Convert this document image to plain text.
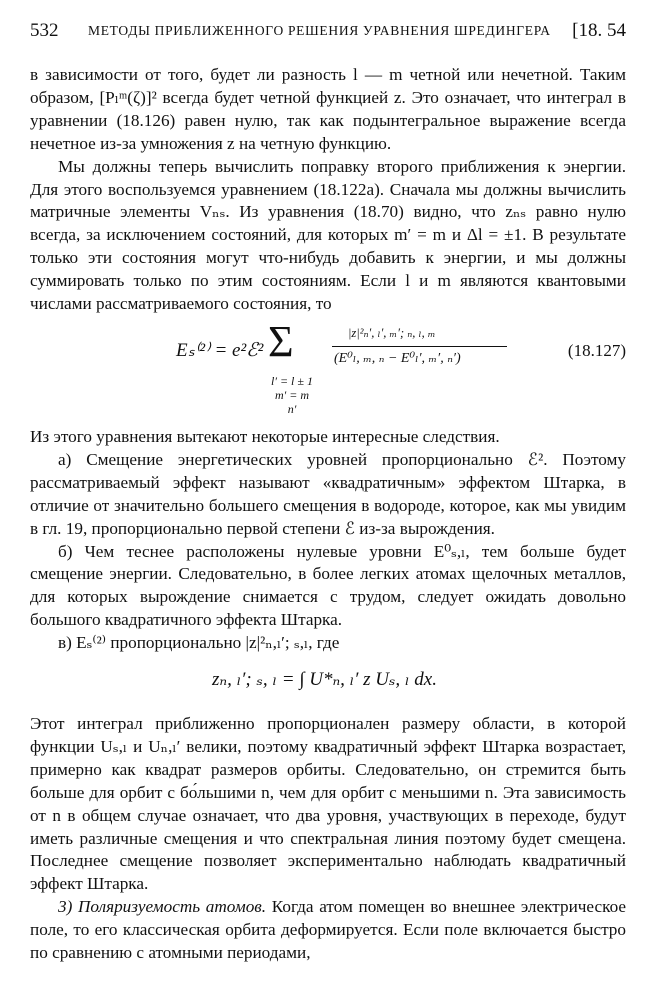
532 МЕТОДЫ ПРИБЛИЖЕННОГО РЕШЕНИЯ УРАВНЕНИЯ ШРЕДИНГЕРА [18. 54

в зависимости от того, будет ли разность l — m четной или нечетной. Таким образом, [Pₗᵐ(ζ)]² всегда будет четной функцией z. Это означает, что интеграл в уравнении (18.126) равен нулю, так как подынтегральное выражение всегда нечетное из-за умножения z на четную функцию.

Мы должны теперь вычислить поправку второго приближения к энергии. Для этого воспользуемся уравнением (18.122а). Сначала мы должны вычислить матричные элементы Vₙₛ. Из уравнения (18.70) видно, что zₙₛ равно нулю всегда, за исключением состояний, для которых m′ = m и Δl = ±1. В результате только эти состояния могут что-нибудь добавить к энергии, и мы должны суммировать только по этим состояниям. Если l и m являются квантовыми числами рассматриваемого состояния, то

Eₛ⁽²⁾ = e²ℰ² Σ
l′ = l ± 1
m′ = m
n′
|z|²ₙ′, ₗ′, ₘ′; ₙ, ₗ, ₘ
(E⁰ₗ, ₘ, ₙ − E⁰ₗ′, ₘ′, ₙ′)	(18.127)

Из этого уравнения вытекают некоторые интересные следствия.

а) Смещение энергетических уровней пропорционально ℰ². Поэтому рассматриваемый эффект называют «квадратичным» эффектом Штарка, в отличие от значительно большего смещения в водороде, которое, как мы увидим в гл. 19, пропорционально первой степени ℰ из-за вырождения.

б) Чем теснее расположены нулевые уровни E⁰ₛ,ₗ, тем больше будет смещение энергии. Следовательно, в более легких атомах щелочных металлов, для которых вырождение снимается с трудом, следует ожидать довольно большого квадратичного эффекта Штарка.

в) Eₛ⁽²⁾ пропорционально |z|²ₙ,ₗ′; ₛ,ₗ, где

zₙ, ₗ′; ₛ, ₗ = ∫ U*ₙ, ₗ′ z Uₛ, ₗ dx.

Этот интеграл приближенно пропорционален размеру области, в которой функции Uₛ,ₗ и Uₙ,ₗ′ велики, поэтому квадратичный эффект Штарка возрастает, примерно как квадрат размеров орбиты. Следовательно, он стремится быть больше для орбит с бо́льшими n, чем для орбит с меньшими n. Эта зависимость от n в общем случае означает, что два уровня, участвующих в переходе, будут иметь различные смещения и что спектральная линия поэтому будет смещена. Последнее смещение позволяет экспериментально наблюдать квадратичный эффект Штарка.

3) Поляризуемость атомов. Когда атом помещен во внешнее электрическое поле, то его классическая орбита деформируется. Если поле включается быстро по сравнению с атомными периодами,
